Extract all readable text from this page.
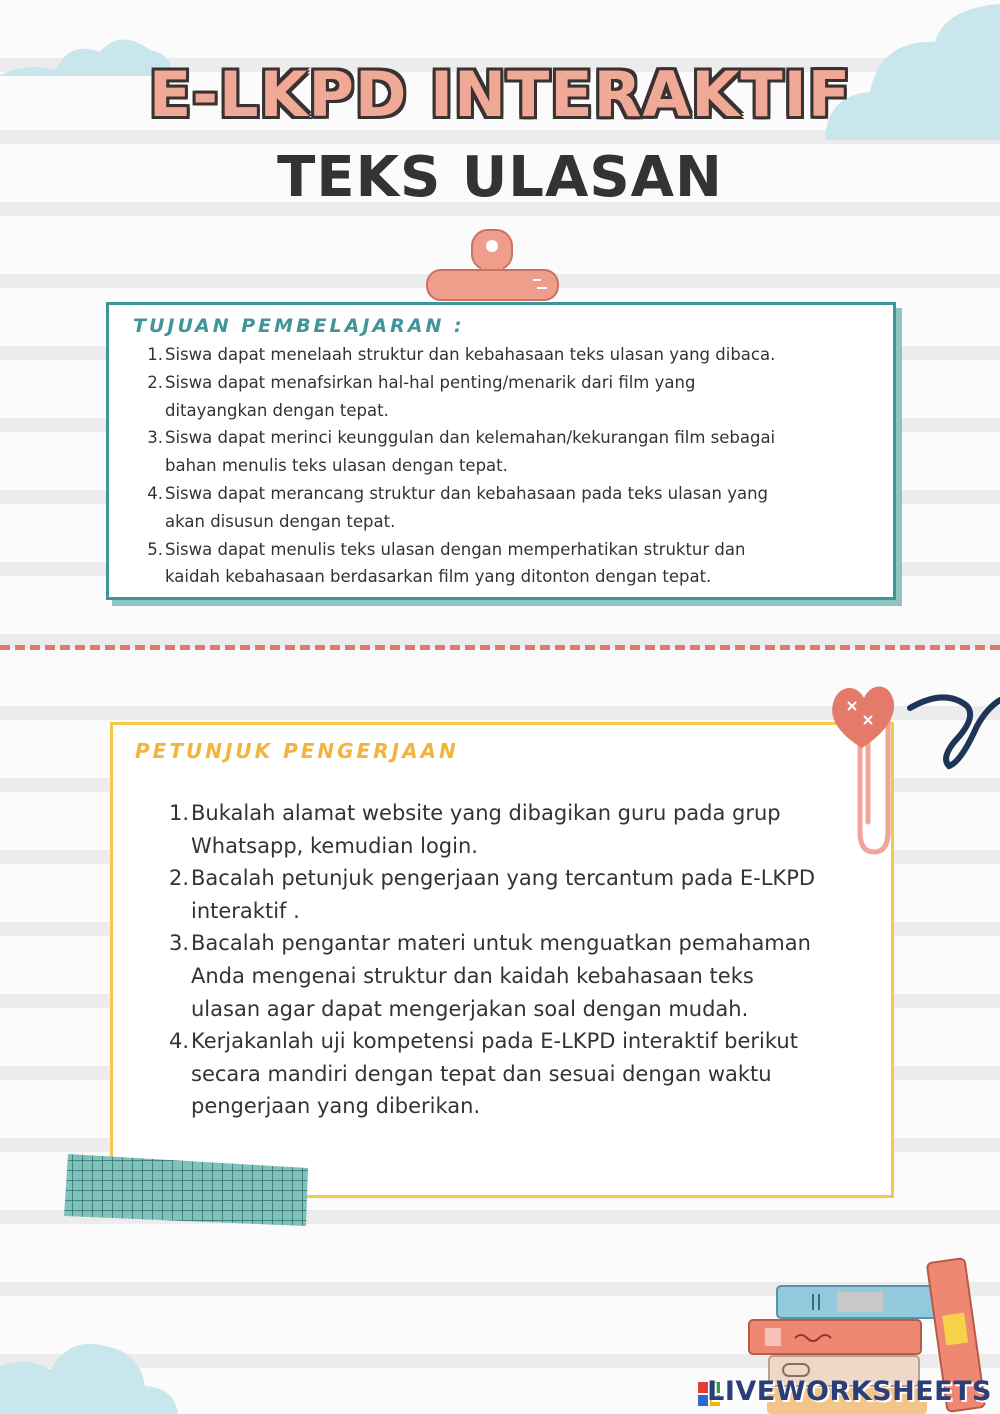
E-LKPD INTERAKTIF
TEKS ULASAN
TUJUAN PEMBELAJARAN :
1. Siswa dapat menelaah struktur dan kebahasaan teks ulasan yang dibaca.
2. Siswa dapat menafsirkan hal-hal penting/menarik dari film yang
ditayangkan dengan tepat.
3. Siswa dapat merinci keunggulan dan kelemahan/kekurangan film sebagai
bahan menulis teks ulasan dengan tepat.
4. Siswa dapat merancang struktur dan kebahasaan pada teks ulasan yang
akan disusun dengan tepat.
5. Siswa dapat menulis teks ulasan dengan memperhatikan struktur dan
kaidah kebahasaan berdasarkan film yang ditonton dengan tepat.
PETUNJUK PENGERJAAN
1. Bukalah alamat website yang dibagikan guru pada grup
Whatsapp, kemudian login.
2. Bacalah petunjuk pengerjaan yang tercantum pada E-LKPD
interaktif .
3. Bacalah pengantar materi untuk menguatkan pemahaman
Anda mengenai struktur dan kaidah kebahasaan teks
ulasan agar dapat mengerjakan soal dengan mudah.
4. Kerjakanlah uji kompetensi pada E-LKPD interaktif berikut
secara mandiri dengan tepat dan sesuai dengan waktu
pengerjaan yang diberikan.
LIVEWORKSHEETS
